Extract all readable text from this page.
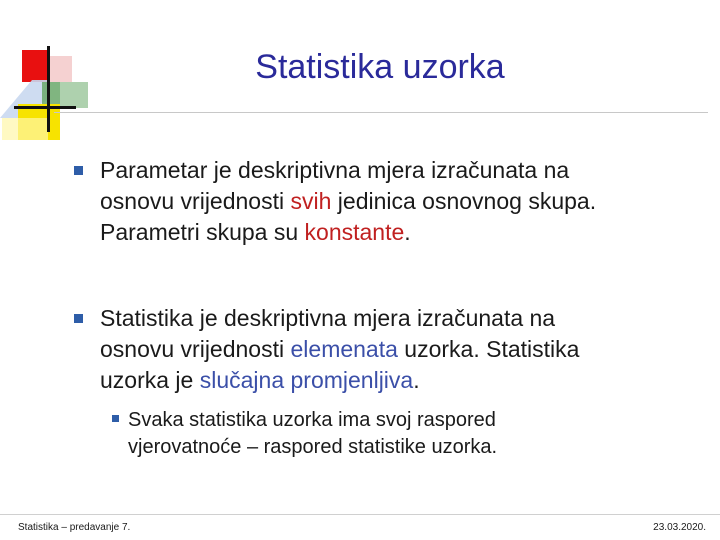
Statistika uzorka

Parametar je deskriptivna mjera izračunata na

osnovu vrijednosti svih jedinica osnovnog skupa.

Parametri skupa su konstante.

Statistika je deskriptivna mjera izračunata na

osnovu vrijednosti elemenata uzorka. Statistika

uzorka je slučajna promjenljiva.

Svaka statistika uzorka ima svoj raspored

vjerovatnoće – raspored statistike uzorka.

Statistika – predavanje 7.	23.03.2020.
